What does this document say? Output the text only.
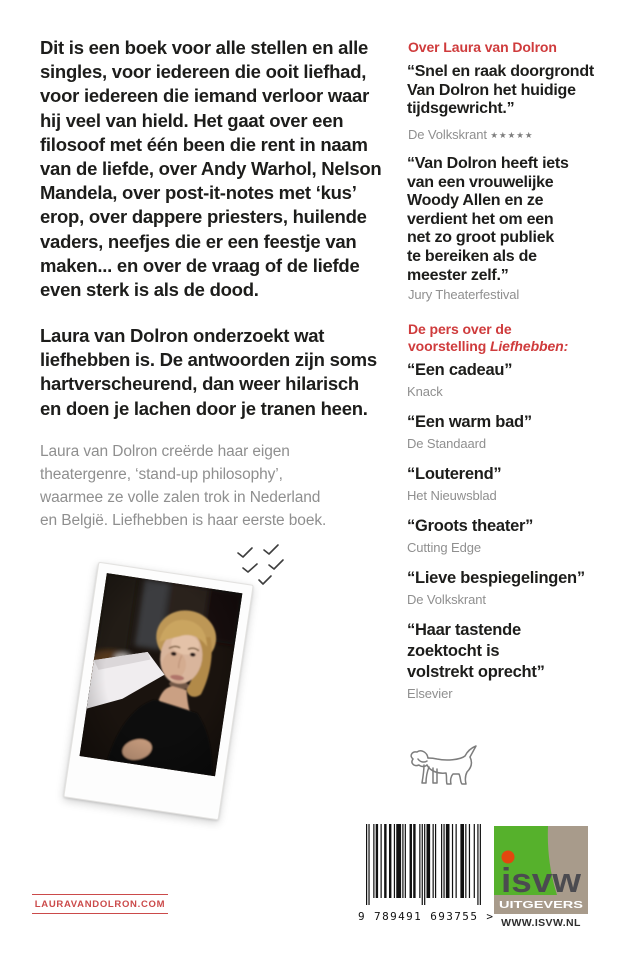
Dit is een boek voor alle stellen en alle
singles, voor iedereen die ooit liefhad,
voor iedereen die iemand verloor waar
hij veel van hield. Het gaat over een
filosoof met één been die rent in naam
van de liefde, over Andy Warhol, Nelson
Mandela, over post-it-notes met ‘kus’
erop, over dappere priesters, huilende
vaders, neefjes die er een feestje van
maken... en over de vraag of de liefde
even sterk is als de dood.
Laura van Dolron onderzoekt wat
liefhebben is. De antwoorden zijn soms
hartverscheurend, dan weer hilarisch
en doen je lachen door je tranen heen.
Laura van Dolron creërde haar eigen
theatergenre, ‘stand-up philosophy’,
waarmee ze volle zalen trok in Nederland
en België. Liefhebben is haar eerste boek.
LAURAVANDOLRON.COM
Over Laura van Dolron
“Snel en raak doorgrondt
Van Dolron het huidige
tijdsgewricht.”
De Volkskrant ★★★★★
“Van Dolron heeft iets
van een vrouwelijke
Woody Allen en ze
verdient het om een
net zo groot publiek
te bereiken als de
meester zelf.”
Jury Theaterfestival
De pers over de
voorstelling Liefhebben:
“Een cadeau”
Knack
“Een warm bad”
De Standaard
“Louterend”
Het Nieuwsblad
“Groots theater”
Cutting Edge
“Lieve bespiegelingen”
De Volkskrant
“Haar tastende
zoektocht is
volstrekt oprecht”
Elsevier
9 789491 693755 >
isvw
UITGEVERS
WWW.ISVW.NL
